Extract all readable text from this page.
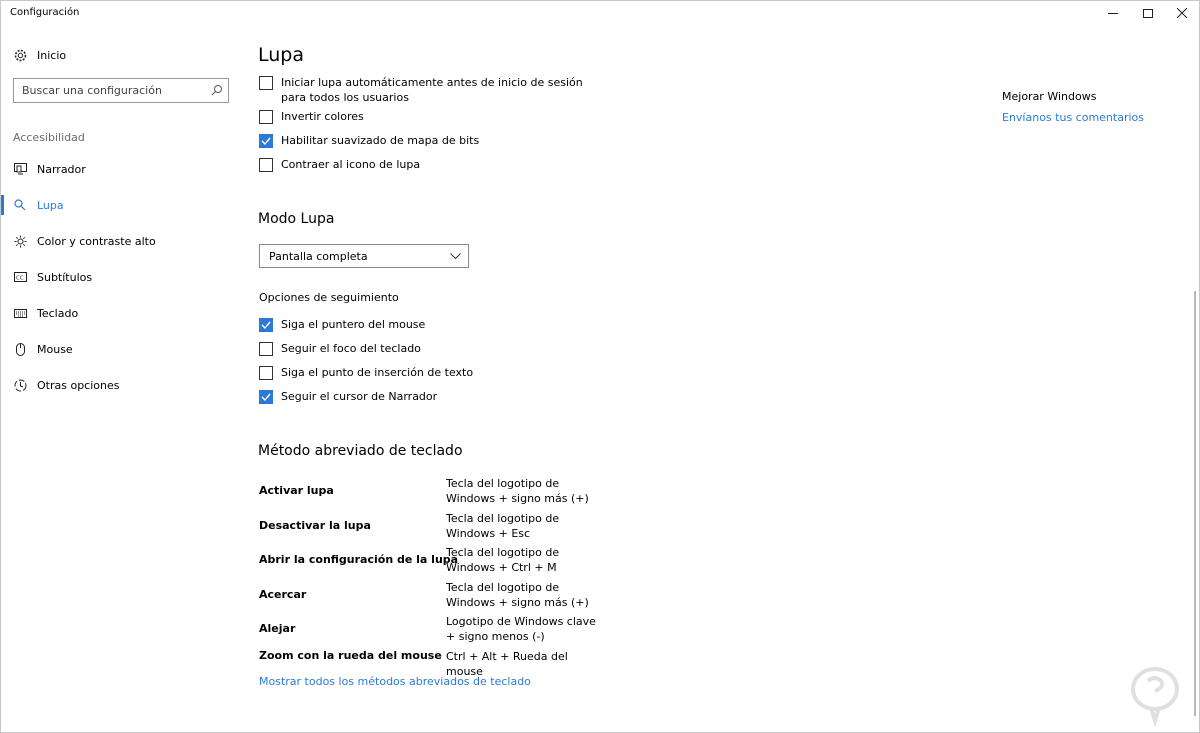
Configuración
Inicio
Buscar una configuración
Accesibilidad
Narrador
Lupa
Color y contraste alto
CC Subtítulos
Teclado
Mouse
Otras opciones
Lupa
Iniciar lupa automáticamente antes de inicio de sesión para todos los usuarios
Invertir colores
Habilitar suavizado de mapa de bits
Contraer al icono de lupa
Modo Lupa
Pantalla completa
Opciones de seguimiento
Siga el puntero del mouse
Seguir el foco del teclado
Siga el punto de inserción de texto
Seguir el cursor de Narrador
Método abreviado de teclado
Activar lupa
Tecla del logotipo de Windows + signo más (+)
Desactivar la lupa
Tecla del logotipo de Windows + Esc
Abrir la configuración de la lupa
Tecla del logotipo de Windows + Ctrl + M
Acercar
Tecla del logotipo de Windows + signo más (+)
Alejar
Logotipo de Windows clave + signo menos (-)
Zoom con la rueda del mouse Ctrl + Alt + Rueda del mouse
Mostrar todos los métodos abreviados de teclado
Mejorar Windows
Envíanos tus comentarios
